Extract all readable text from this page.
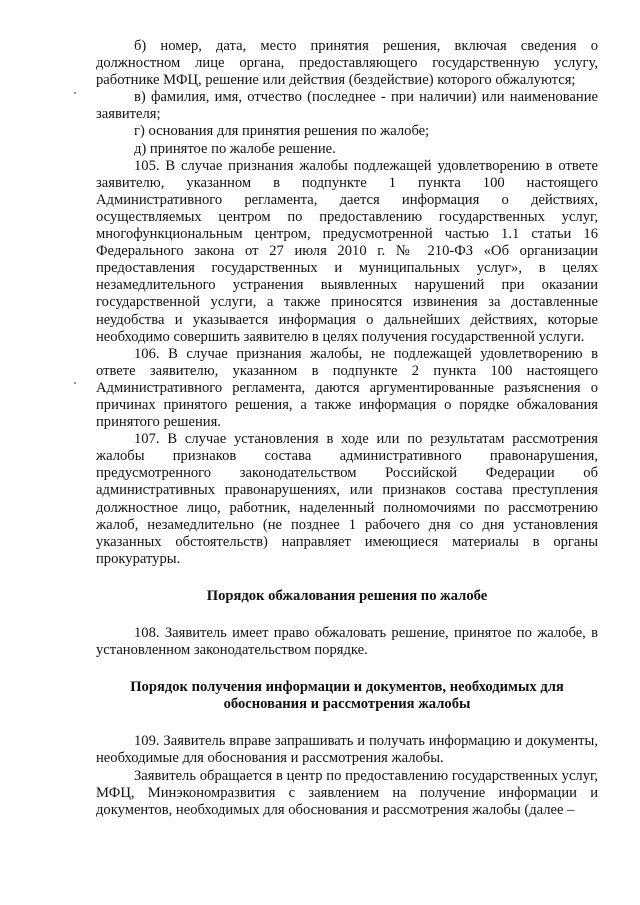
б) номер, дата, место принятия решения, включая сведения о должностном лице органа, предоставляющего государственную услугу, работнике МФЦ, решение или действия (бездействие) которого обжалуются;

в) фамилия, имя, отчество (последнее - при наличии) или наименование заявителя;

г) основания для принятия решения по жалобе;

д) принятое по жалобе решение.

105. В случае признания жалобы подлежащей удовлетворению в ответе заявителю, указанном в подпункте 1 пункта 100 настоящего Административного регламента, дается информация о действиях, осуществляемых центром по предоставлению государственных услуг, многофункциональным центром, предусмотренной частью 1.1 статьи 16 Федерального закона от 27 июля 2010 г. № 210-ФЗ «Об организации предоставления государственных и муниципальных услуг», в целях незамедлительного устранения выявленных нарушений при оказании государственной услуги, а также приносятся извинения за доставленные неудобства и указывается информация о дальнейших действиях, которые необходимо совершить заявителю в целях получения государственной услуги.

106. В случае признания жалобы, не подлежащей удовлетворению в ответе заявителю, указанном в подпункте 2 пункта 100 настоящего Административного регламента, даются аргументированные разъяснения о причинах принятого решения, а также информация о порядке обжалования принятого решения.

107. В случае установления в ходе или по результатам рассмотрения жалобы признаков состава административного правонарушения, предусмотренного законодательством Российской Федерации об административных правонарушениях, или признаков состава преступления должностное лицо, работник, наделенный полномочиями по рассмотрению жалоб, незамедлительно (не позднее 1 рабочего дня со дня установления указанных обстоятельств) направляет имеющиеся материалы в органы прокуратуры.

Порядок обжалования решения по жалобе

108. Заявитель имеет право обжаловать решение, принятое по жалобе, в установленном законодательством порядке.

Порядок получения информации и документов, необходимых для обоснования и рассмотрения жалобы

109. Заявитель вправе запрашивать и получать информацию и документы, необходимые для обоснования и рассмотрения жалобы.

Заявитель обращается в центр по предоставлению государственных услуг, МФЦ, Минэкономразвития с заявлением на получение информации и документов, необходимых для обоснования и рассмотрения жалобы (далее –
